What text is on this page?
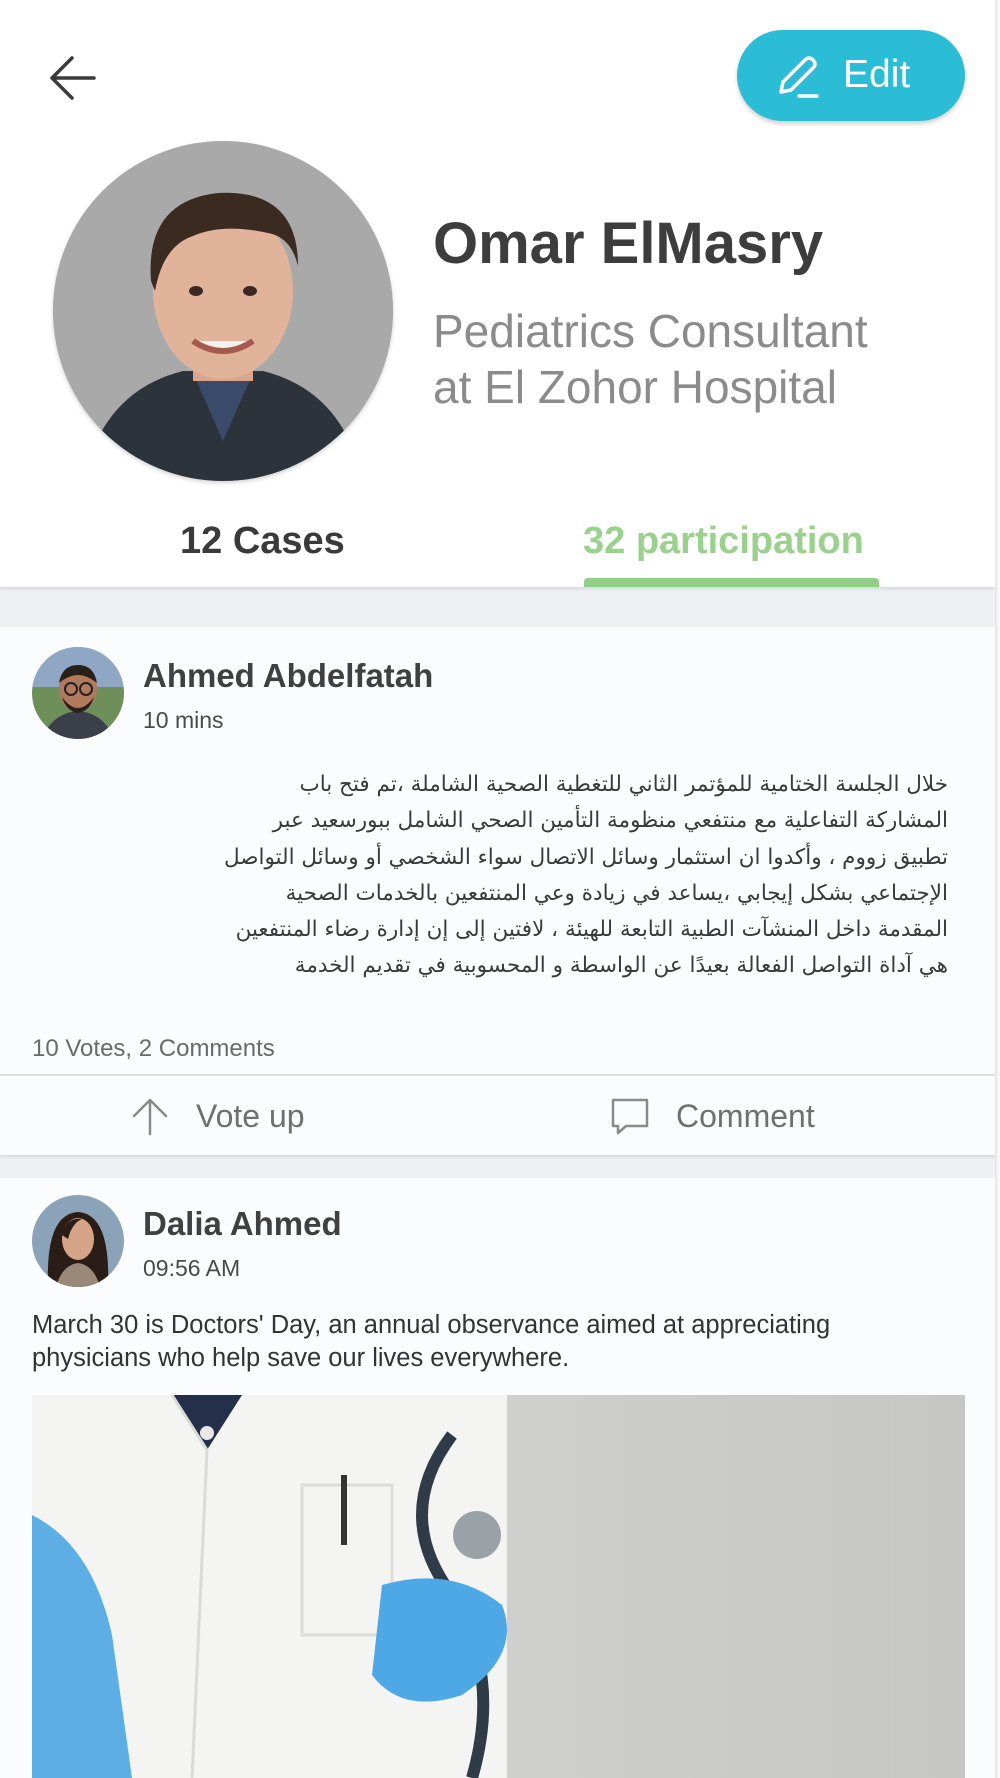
Edit
Omar ElMasry
Pediatrics Consultant
at El Zohor Hospital
12 Cases	32 participation
Ahmed Abdelfatah
10 mins
خلال الجلسة الختامية للمؤتمر الثاني للتغطية الصحية الشاملة ،تم فتح باب
المشاركة التفاعلية مع منتفعي منظومة التأمين الصحي الشامل ببورسعيد عبر
تطبيق زووم ، وأكدوا ان استثمار وسائل الاتصال سواء الشخصي أو وسائل التواصل
الإجتماعي بشكل إيجابي ،يساعد في زيادة وعي المنتفعين بالخدمات الصحية
المقدمة داخل المنشآت الطبية التابعة للهيئة ، لافتين إلى إن إدارة رضاء المنتفعين
هي آداة التواصل الفعالة بعيدًا عن الواسطة و المحسوبية في تقديم الخدمة
10 Votes, 2 Comments
Vote up	Comment
Dalia Ahmed
09:56 AM
March 30 is Doctors' Day, an annual observance aimed at appreciating physicians who help save our lives everywhere.
